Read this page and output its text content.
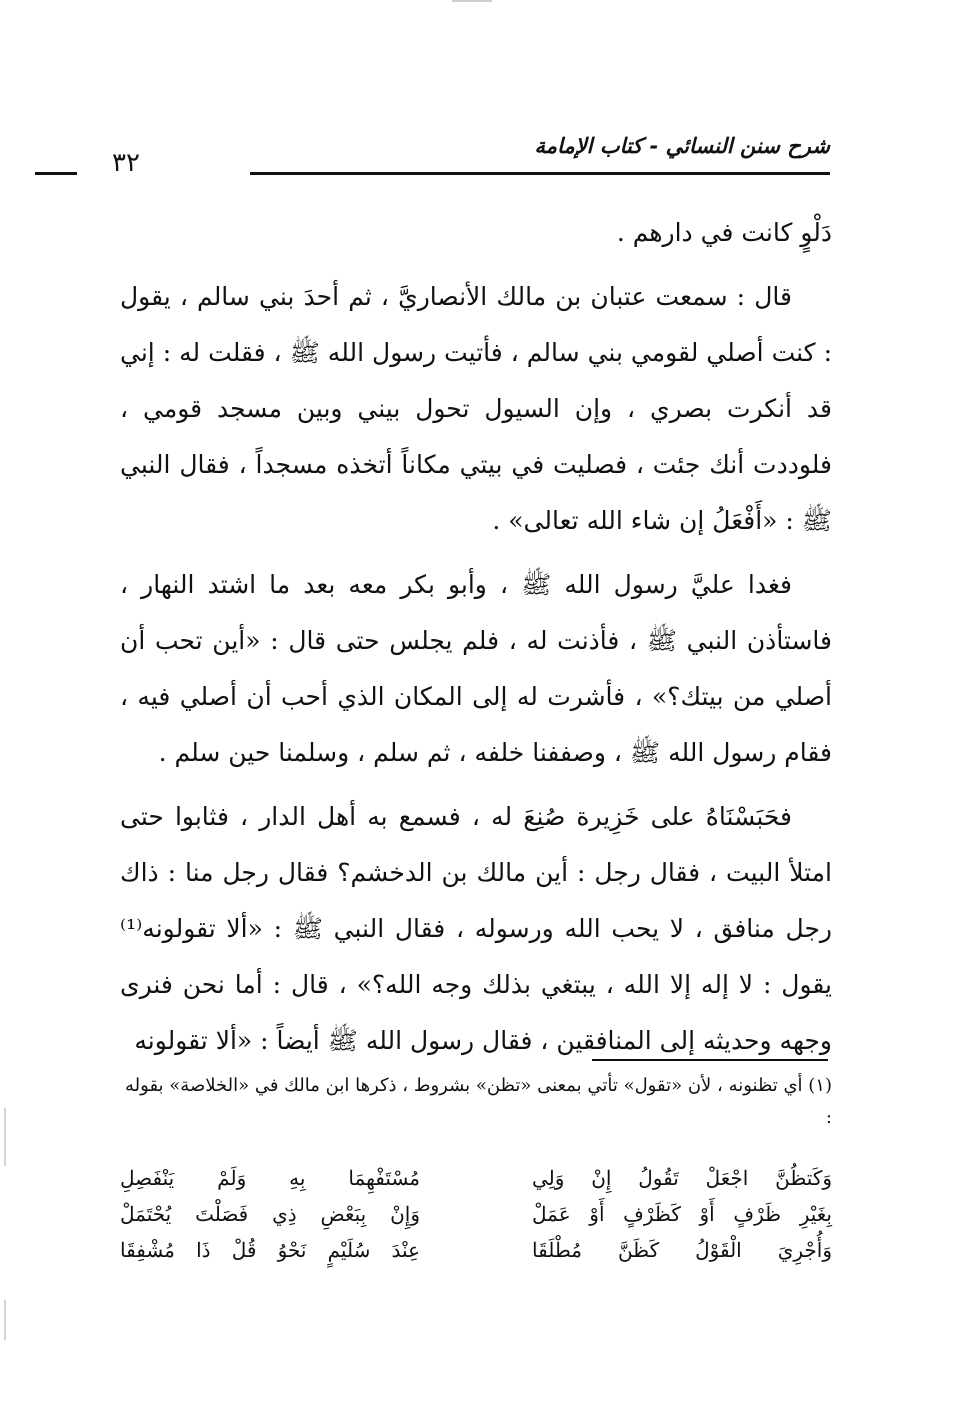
شرح سنن النسائي - كتاب الإمامة
٣٢

دَلْوٍ كانت في دارهم .

قال : سمعت عتبان بن مالك الأنصاريَّ ، ثم أحدَ بني سالم ، يقول : كنت أصلي لقومي بني سالم ، فأتيت رسول الله ﷺ ، فقلت له : إني قد أنكرت بصري ، وإن السيول تحول بيني وبين مسجد قومي ، فلوددت أنك جئت ، فصليت في بيتي مكاناً أتخذه مسجداً ، فقال النبي ﷺ : «أَفْعَلُ إن شاء الله تعالى» .

فغدا عليَّ رسول الله ﷺ ، وأبو بكر معه بعد ما اشتد النهار ، فاستأذن النبي ﷺ ، فأذنت له ، فلم يجلس حتى قال : «أين تحب أن أصلي من بيتك؟» ، فأشرت له إلى المكان الذي أحب أن أصلي فيه ، فقام رسول الله ﷺ ، وصففنا خلفه ، ثم سلم ، وسلمنا حين سلم .

فحَبَسْنَاهُ على خَزِيرة صُنِعَ له ، فسمع به أهل الدار ، فثابوا حتى امتلأ البيت ، فقال رجل : أين مالك بن الدخشم؟ فقال رجل منا : ذاك رجل منافق ، لا يحب الله ورسوله ، فقال النبي ﷺ : «ألا تقولونه⁽¹⁾ يقول : لا إله إلا الله ، يبتغي بذلك وجه الله؟» ، قال : أما نحن فنرى وجهه وحديثه إلى المنافقين ، فقال رسول الله ﷺ أيضاً : «ألا تقولونه

(١) أي تظنونه ، لأن «تقول» تأتي بمعنى «تظن» بشروط ، ذكرها ابن مالك في «الخلاصة» بقوله :
وَكَتظُنَّ اجْعَلْ تَقُولُ إِنْ وَلِي
مُسْتَفْهِمَا بِهِ وَلَمْ يَنْفَصِلِ
بِغَيْرِ ظَرْفٍ أَوْ كَظَرْفٍ أَوْ عَمَلْ
وَإِنْ بِبَعْضِ ذِي فَصَلْتَ يُحْتَمَلْ
وَأُجْرِيَ الْقَوْلُ كَظَنَّ مُطْلَقَا
عِنْدَ سُلَيْمٍ نَحْوُ قُلْ ذَا مُشْفِقَا
